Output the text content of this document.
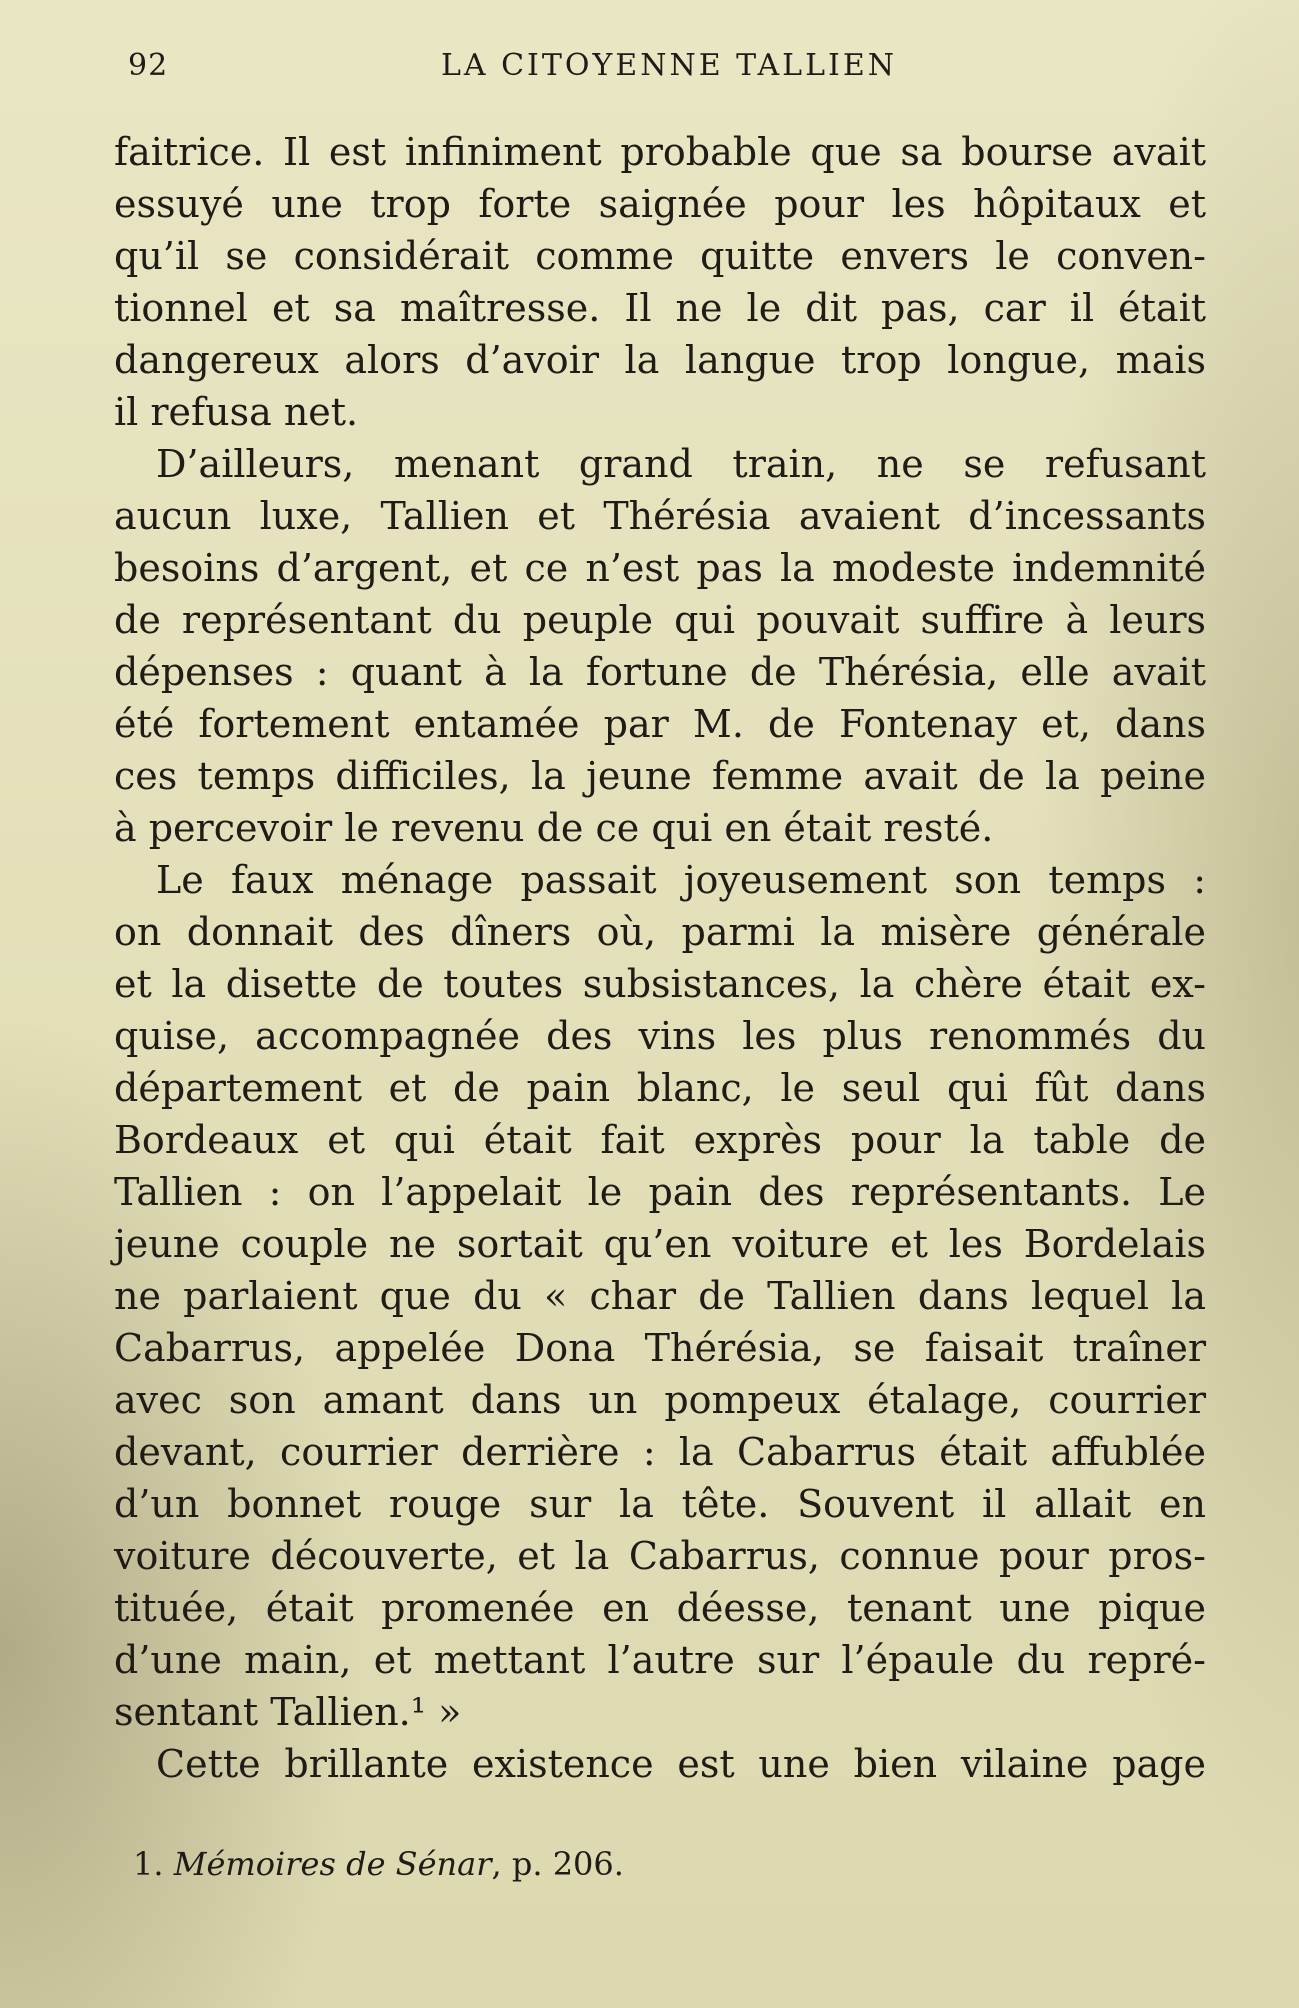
92	LA CITOYENNE TALLIEN
faitrice. Il est infiniment probable que sa bourse avait
essuyé une trop forte saignée pour les hôpitaux et
qu’il se considérait comme quitte envers le conven-
tionnel et sa maîtresse. Il ne le dit pas, car il était
dangereux alors d’avoir la langue trop longue, mais
il refusa net.
D’ailleurs, menant grand train, ne se refusant
aucun luxe, Tallien et Thérésia avaient d’incessants
besoins d’argent, et ce n’est pas la modeste indemnité
de représentant du peuple qui pouvait suffire à leurs
dépenses : quant à la fortune de Thérésia, elle avait
été fortement entamée par M. de Fontenay et, dans
ces temps difficiles, la jeune femme avait de la peine
à percevoir le revenu de ce qui en était resté.
Le faux ménage passait joyeusement son temps :
on donnait des dîners où, parmi la misère générale
et la disette de toutes subsistances, la chère était ex-
quise, accompagnée des vins les plus renommés du
département et de pain blanc, le seul qui fût dans
Bordeaux et qui était fait exprès pour la table de
Tallien : on l’appelait le pain des représentants. Le
jeune couple ne sortait qu’en voiture et les Bordelais
ne parlaient que du « char de Tallien dans lequel la
Cabarrus, appelée Dona Thérésia, se faisait traîner
avec son amant dans un pompeux étalage, courrier
devant, courrier derrière : la Cabarrus était affublée
d’un bonnet rouge sur la tête. Souvent il allait en
voiture découverte, et la Cabarrus, connue pour pros-
tituée, était promenée en déesse, tenant une pique
d’une main, et mettant l’autre sur l’épaule du repré-
sentant Tallien.¹ »
Cette brillante existence est une bien vilaine page
1. Mémoires de Sénar, p. 206.
